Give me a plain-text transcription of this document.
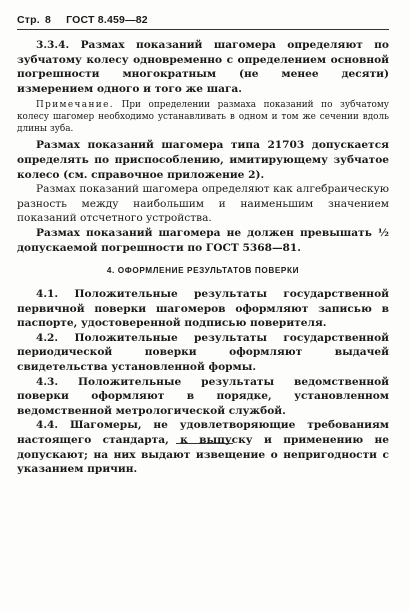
Стр. 8 ГОСТ 8.459—82

3.3.4. Размах показаний шагомера определяют по зубчатому колесу одновременно с определением основной погрешности многократным (не менее десяти) измерением одного и того же шага.

Примечание. При определении размаха показаний по зубчатому колесу шагомер необходимо устанавливать в одном и том же сечении вдоль длины зуба.

Размах показаний шагомера типа 21703 допускается определять по приспособлению, имитирующему зубчатое колесо (см. справочное приложение 2).

Размах показаний шагомера определяют как алгебраическую разность между наибольшим и наименьшим значением показаний отсчетного устройства.

Размах показаний шагомера не должен превышать ½ допускаемой погрешности по ГОСТ 5368—81.

4. ОФОРМЛЕНИЕ РЕЗУЛЬТАТОВ ПОВЕРКИ

4.1. Положительные результаты государственной первичной поверки шагомеров оформляют записью в паспорте, удостоверенной подписью поверителя.

4.2. Положительные результаты государственной периодической поверки оформляют выдачей свидетельства установленной формы.

4.3. Положительные результаты ведомственной поверки оформляют в порядке, установленном ведомственной метрологической службой.

4.4. Шагомеры, не удовлетворяющие требованиям настоящего стандарта, к выпуску и применению не допускают; на них выдают извещение о непригодности с указанием причин.
